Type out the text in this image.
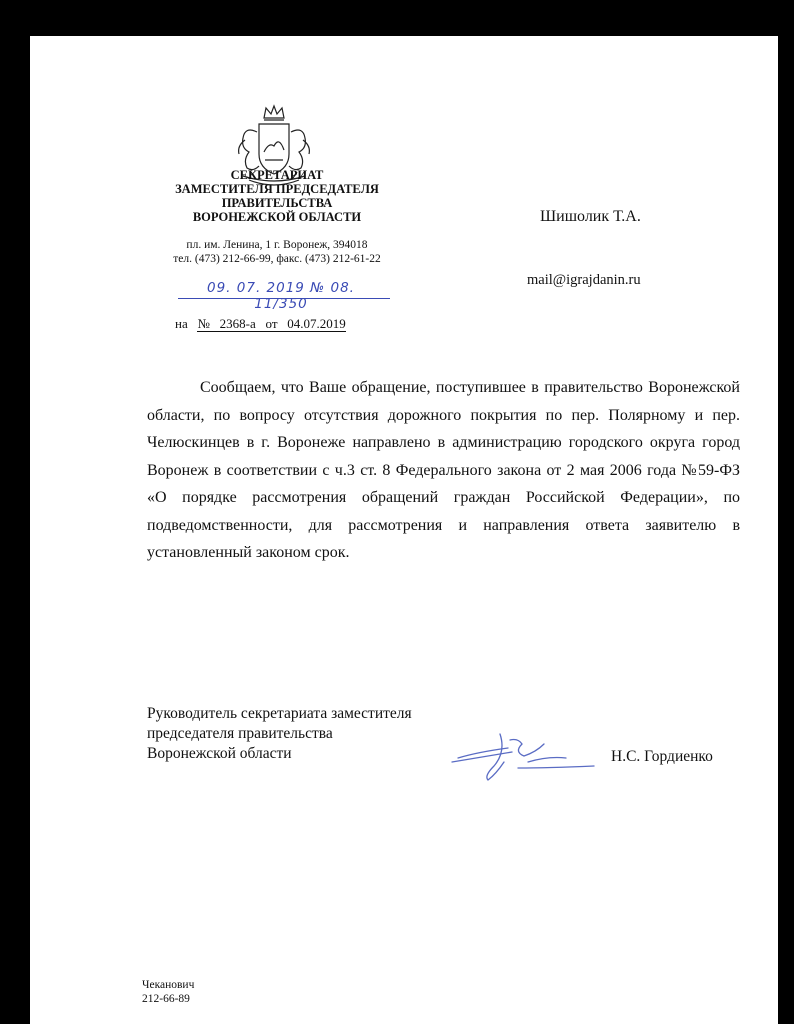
СЕКРЕТАРИАТ
ЗАМЕСТИТЕЛЯ ПРЕДСЕДАТЕЛЯ
ПРАВИТЕЛЬСТВА
ВОРОНЕЖСКОЙ ОБЛАСТИ
пл. им. Ленина, 1 г. Воронеж, 394018
тел. (473) 212-66-99, факс. (473) 212-61-22
09. 07. 2019 № 08. 11/350
на №   2368-а   от   04.07.2019
Шишолик Т.А.
mail@igrajdanin.ru
Сообщаем, что Ваше обращение, поступившее в правительство Воронежской области, по вопросу отсутствия дорожного покрытия по пер. Полярному и пер. Челюскинцев в г. Воронеже направлено в администрацию городского округа город Воронеж в соответствии с ч.3 ст. 8 Федерального закона от 2 мая 2006 года №59-ФЗ «О порядке рассмотрения обращений граждан Российской Федерации», по подведомственности, для рассмотрения и направления ответа заявителю в установленный законом срок.
Руководитель секретариата заместителя
председателя правительства
Воронежской области	Н.С. Гордиенко
Чеканович
212-66-89
